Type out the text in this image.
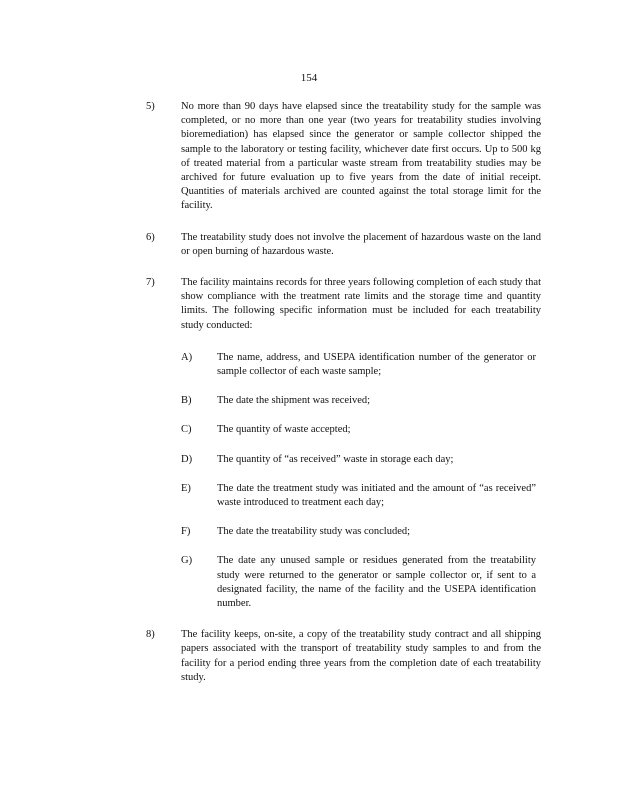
154
5)	No more than 90 days have elapsed since the treatability study for the sample was completed, or no more than one year (two years for treatability studies involving bioremediation) has elapsed since the generator or sample collector shipped the sample to the laboratory or testing facility, whichever date first occurs. Up to 500 kg of treated material from a particular waste stream from treatability studies may be archived for future evaluation up to five years from the date of initial receipt. Quantities of materials archived are counted against the total storage limit for the facility.
6)	The treatability study does not involve the placement of hazardous waste on the land or open burning of hazardous waste.
7)	The facility maintains records for three years following completion of each study that show compliance with the treatment rate limits and the storage time and quantity limits. The following specific information must be included for each treatability study conducted:
A) The name, address, and USEPA identification number of the generator or sample collector of each waste sample;
B) The date the shipment was received;
C) The quantity of waste accepted;
D) The quantity of “as received” waste in storage each day;
E) The date the treatment study was initiated and the amount of “as received” waste introduced to treatment each day;
F)	The date the treatability study was concluded;
G) The date any unused sample or residues generated from the treatability study were returned to the generator or sample collector or, if sent to a designated facility, the name of the facility and the USEPA identification number.
8)	The facility keeps, on-site, a copy of the treatability study contract and all shipping papers associated with the transport of treatability study samples to and from the facility for a period ending three years from the completion date of each treatability study.
